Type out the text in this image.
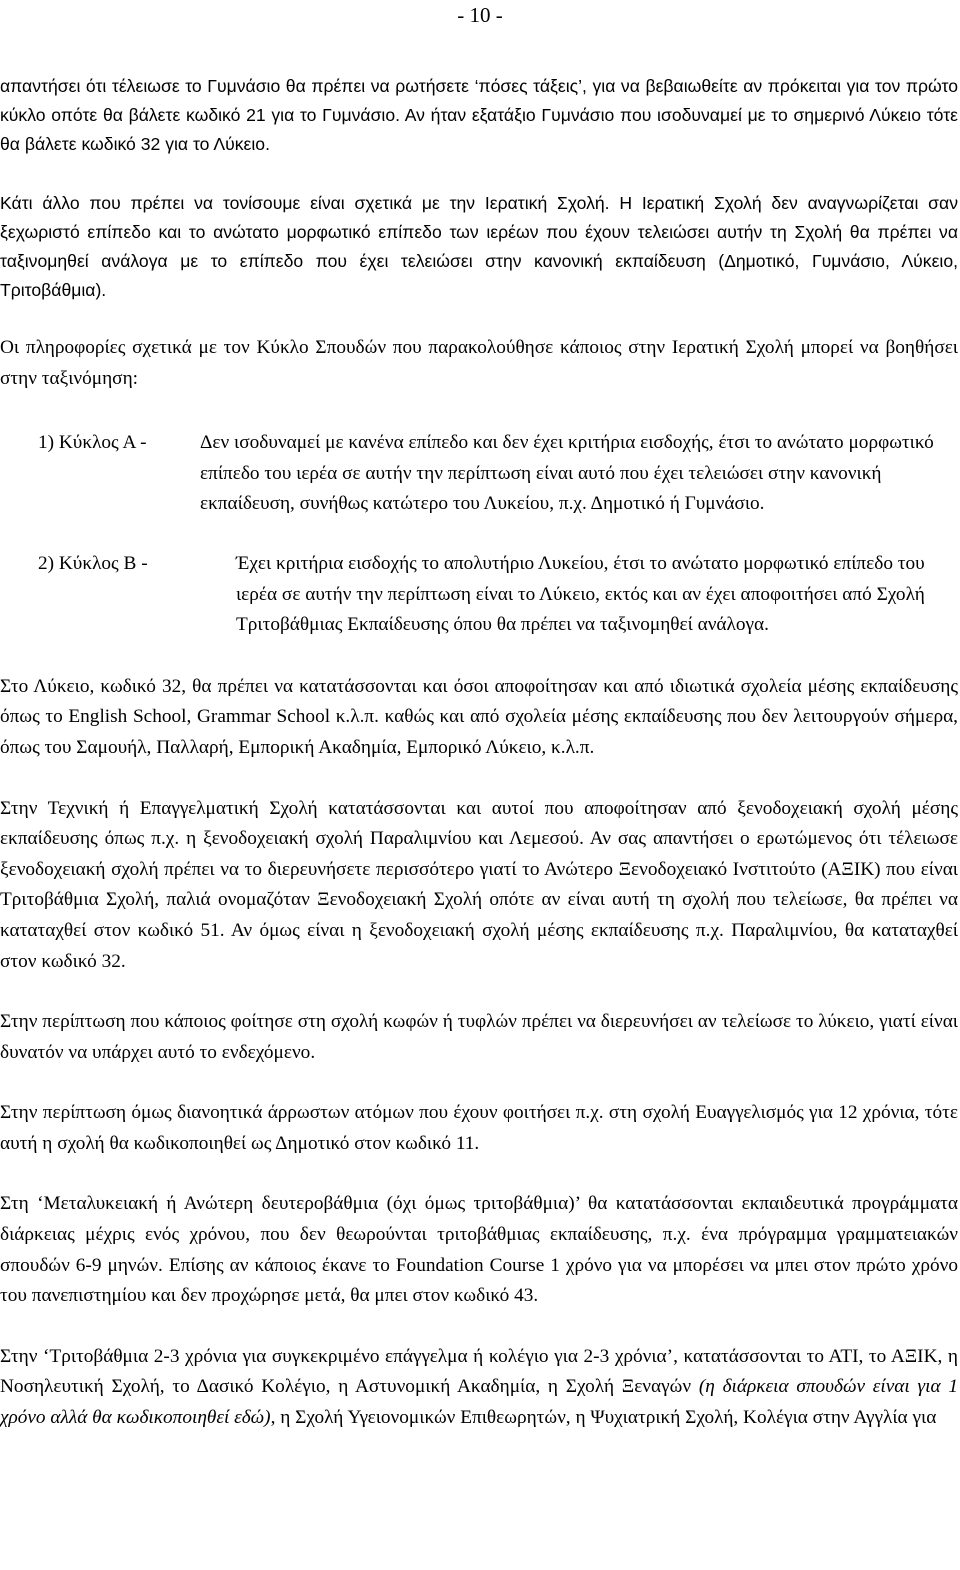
- 10 -

απαντήσει ότι τέλειωσε το Γυμνάσιο θα πρέπει να ρωτήσετε ‘πόσες τάξεις’, για να βεβαιωθείτε αν πρόκειται για τον πρώτο κύκλο οπότε θα βάλετε κωδικό 21 για το Γυμνάσιο. Αν ήταν εξατάξιο Γυμνάσιο που ισοδυναμεί με το σημερινό Λύκειο τότε θα βάλετε κωδικό 32 για το Λύκειο.

Κάτι άλλο που πρέπει να τονίσουμε είναι σχετικά με την Ιερατική Σχολή. Η Ιερατική Σχολή δεν αναγνωρίζεται σαν ξεχωριστό επίπεδο και το ανώτατο μορφωτικό επίπεδο των ιερέων που έχουν τελειώσει αυτήν τη Σχολή θα πρέπει να ταξινομηθεί ανάλογα με το επίπεδο που έχει τελειώσει στην κανονική εκπαίδευση (Δημοτικό, Γυμνάσιο, Λύκειο, Τριτοβάθμια).

Οι πληροφορίες σχετικά με τον Κύκλο Σπουδών που παρακολούθησε κάποιος στην Ιερατική Σχολή μπορεί να βοηθήσει στην ταξινόμηση:

1) Κύκλος Α -	Δεν ισοδυναμεί με κανένα επίπεδο και δεν έχει κριτήρια εισδοχής, έτσι το ανώτατο μορφωτικό επίπεδο του ιερέα σε αυτήν την περίπτωση είναι αυτό που έχει τελειώσει στην κανονική εκπαίδευση, συνήθως κατώτερο του Λυκείου, π.χ. Δημοτικό ή Γυμνάσιο.
2) Κύκλος Β -	Έχει κριτήρια εισδοχής το απολυτήριο Λυκείου, έτσι το ανώτατο μορφωτικό επίπεδο του ιερέα σε αυτήν την περίπτωση είναι το Λύκειο, εκτός και αν έχει αποφοιτήσει από Σχολή Τριτοβάθμιας Εκπαίδευσης όπου θα πρέπει να ταξινομηθεί ανάλογα.

Στο Λύκειο, κωδικό 32, θα πρέπει να κατατάσσονται και όσοι αποφοίτησαν και από ιδιωτικά σχολεία μέσης εκπαίδευσης όπως το English School, Grammar School κ.λ.π. καθώς και από σχολεία μέσης εκπαίδευσης που δεν λειτουργούν σήμερα, όπως του Σαμουήλ, Παλλαρή, Εμπορική Ακαδημία, Εμπορικό Λύκειο, κ.λ.π.

Στην Τεχνική ή Επαγγελματική Σχολή κατατάσσονται και αυτοί που αποφοίτησαν από ξενοδοχειακή σχολή μέσης εκπαίδευσης όπως π.χ. η ξενοδοχειακή σχολή Παραλιμνίου και Λεμεσού. Αν σας απαντήσει ο ερωτώμενος ότι τέλειωσε ξενοδοχειακή σχολή πρέπει να το διερευνήσετε περισσότερο γιατί το Ανώτερο Ξενοδοχειακό Ινστιτούτο (ΑΞΙΚ) που είναι Τριτοβάθμια Σχολή, παλιά ονομαζόταν Ξενοδοχειακή Σχολή οπότε αν είναι αυτή τη σχολή που τελείωσε, θα πρέπει να καταταχθεί στον κωδικό 51. Αν όμως είναι η ξενοδοχειακή σχολή μέσης εκπαίδευσης π.χ. Παραλιμνίου, θα καταταχθεί στον κωδικό 32.

Στην περίπτωση που κάποιος φοίτησε στη σχολή κωφών ή τυφλών πρέπει να διερευνήσει αν τελείωσε το λύκειο, γιατί είναι δυνατόν να υπάρχει αυτό το ενδεχόμενο.

Στην περίπτωση όμως διανοητικά άρρωστων ατόμων που έχουν φοιτήσει π.χ. στη σχολή Ευαγγελισμός για 12 χρόνια, τότε αυτή η σχολή θα κωδικοποιηθεί ως Δημοτικό στον κωδικό 11.

Στη ‘Μεταλυκειακή ή Ανώτερη δευτεροβάθμια (όχι όμως τριτοβάθμια)’ θα κατατάσσονται εκπαιδευτικά προγράμματα διάρκειας μέχρις ενός χρόνου, που δεν θεωρούνται τριτοβάθμιας εκπαίδευσης, π.χ. ένα πρόγραμμα γραμματειακών σπουδών 6-9 μηνών. Επίσης αν κάποιος έκανε το Foundation Course 1 χρόνο για να μπορέσει να μπει στον πρώτο χρόνο του πανεπιστημίου και δεν προχώρησε μετά, θα μπει στον κωδικό 43.

Στην ‘Τριτοβάθμια 2-3 χρόνια για συγκεκριμένο επάγγελμα ή κολέγιο για 2-3 χρόνια’, κατατάσσονται το ΑΤΙ, το ΑΞΙΚ, η Νοσηλευτική Σχολή, το Δασικό Κολέγιο, η Αστυνομική Ακαδημία, η Σχολή Ξεναγών (η διάρκεια σπουδών είναι για 1 χρόνο αλλά θα κωδικοποιηθεί εδώ), η Σχολή Υγειονομικών Επιθεωρητών, η Ψυχιατρική Σχολή, Κολέγια στην Αγγλία για
